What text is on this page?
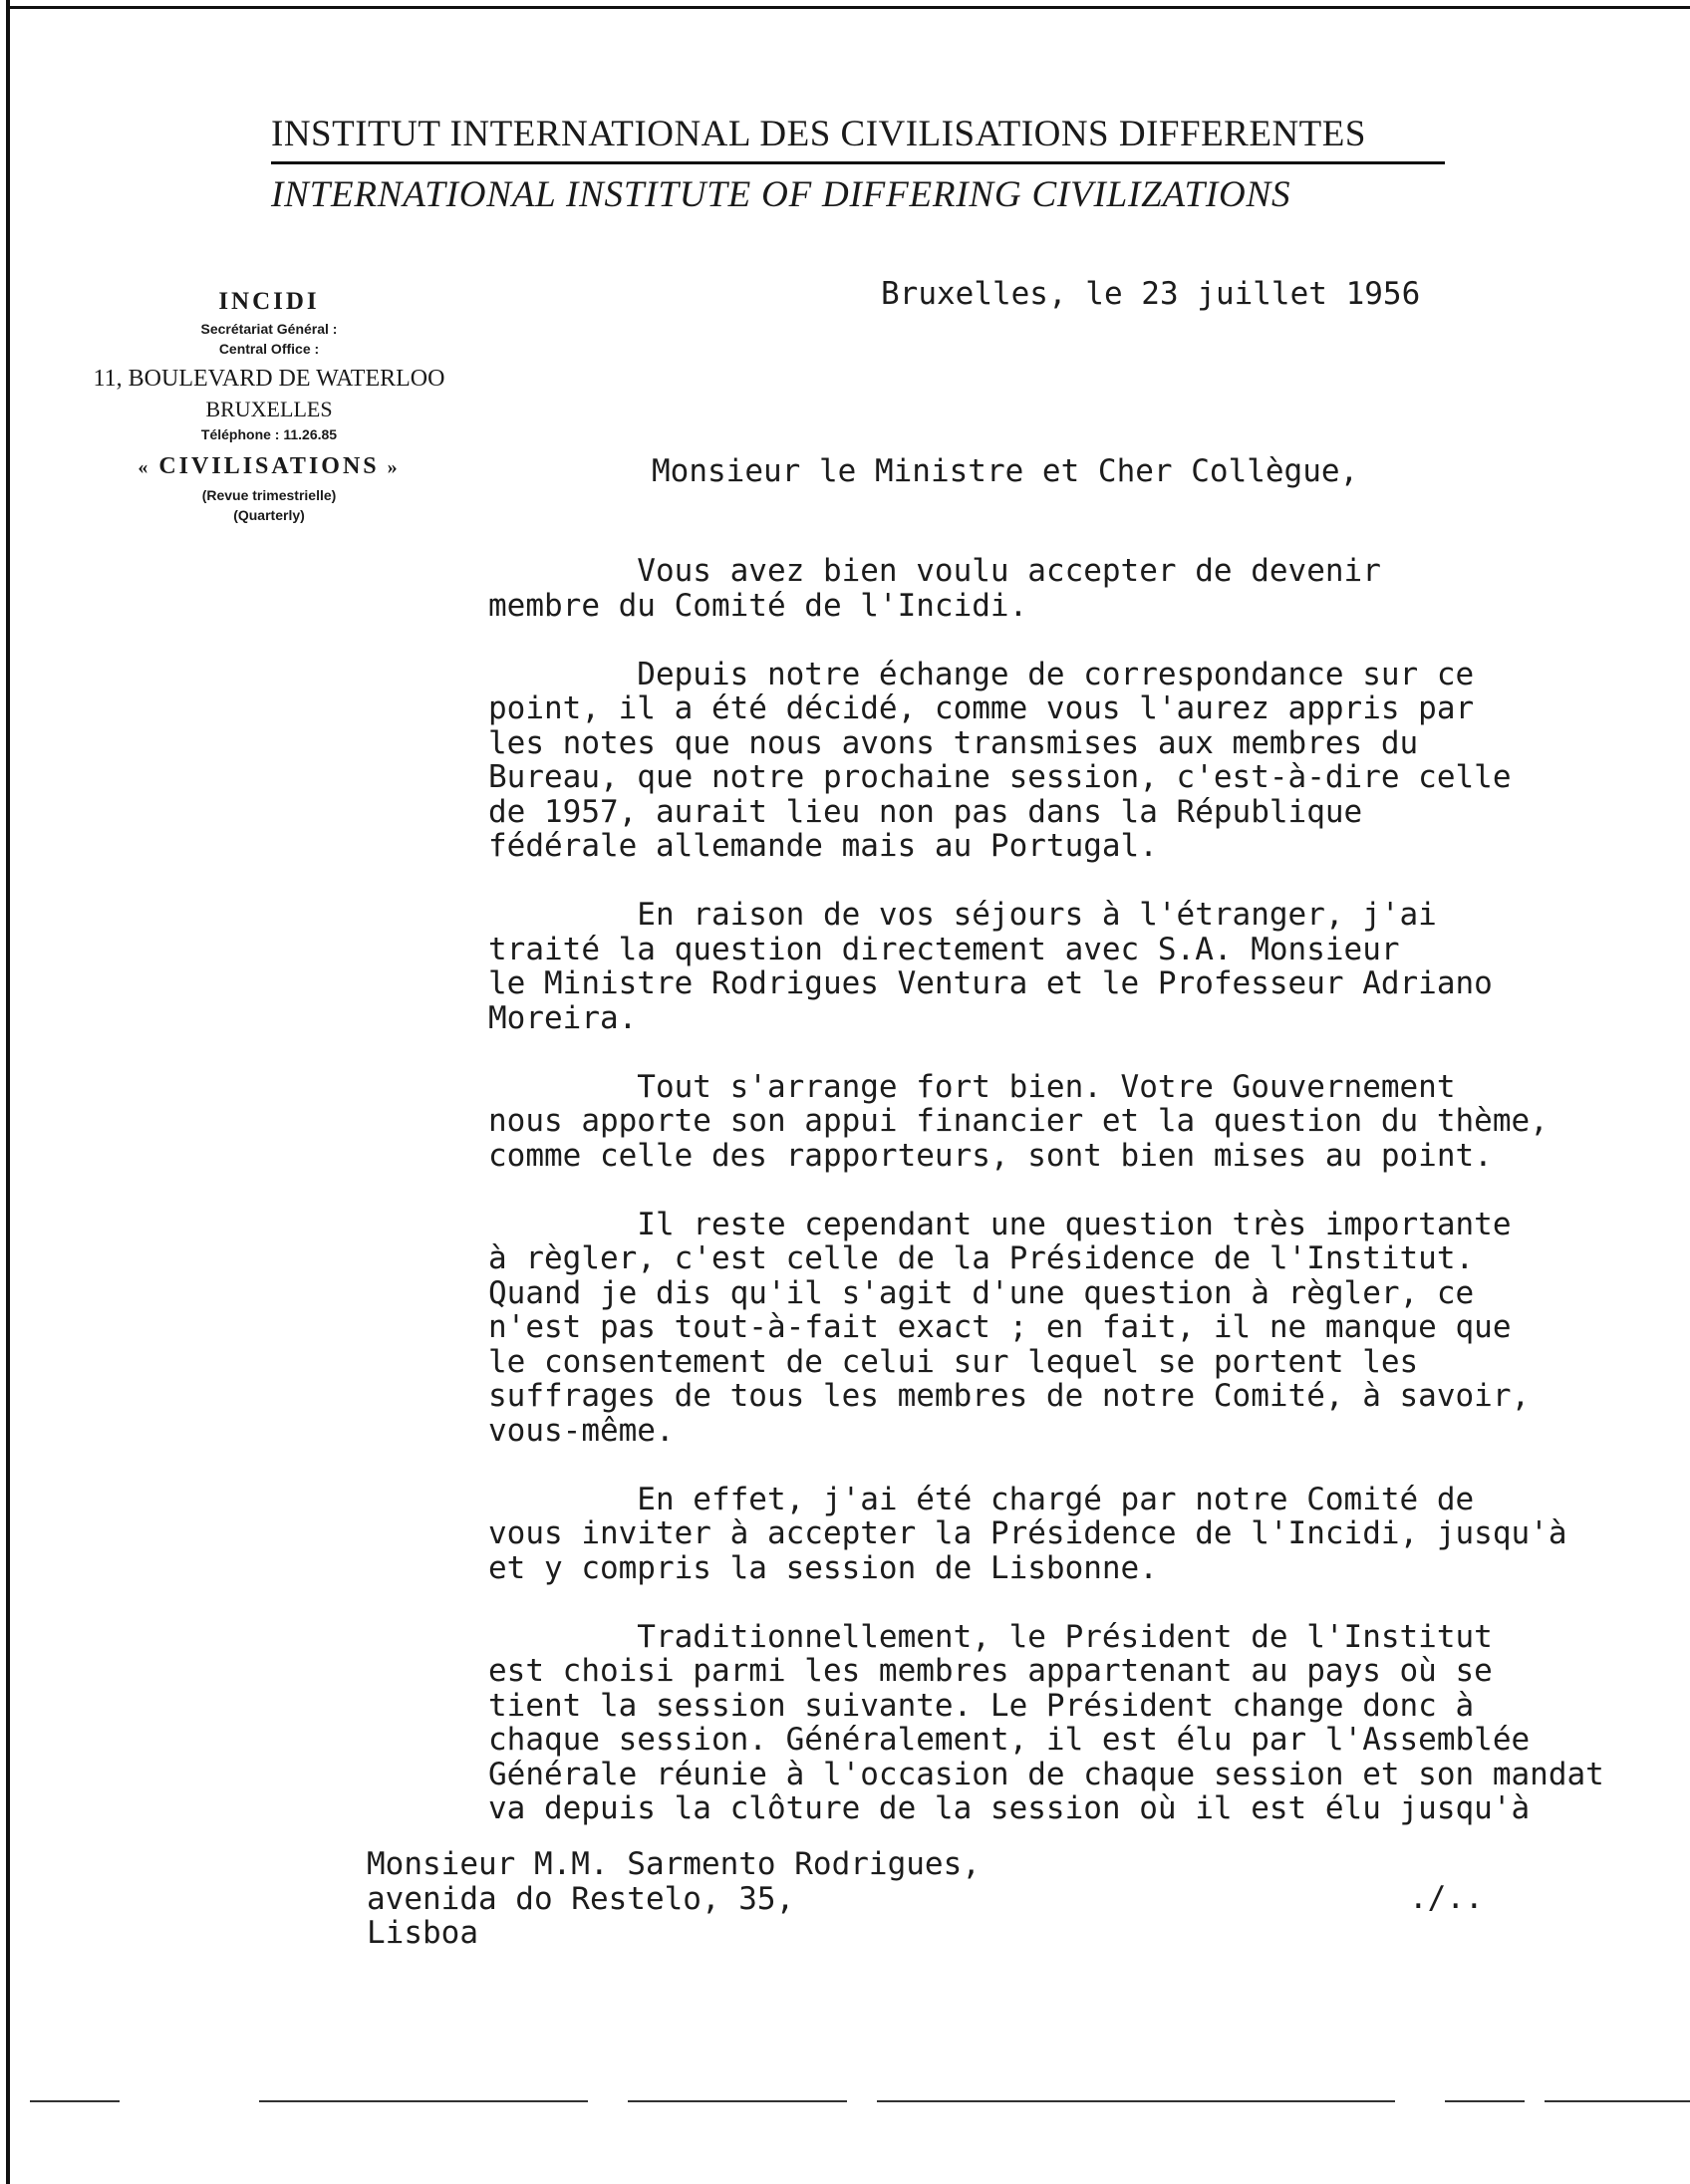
INSTITUT INTERNATIONAL DES CIVILISATIONS DIFFERENTES
INTERNATIONAL INSTITUTE OF DIFFERING CIVILIZATIONS
INCIDI
Secrétariat Général :
Central Office :
11, BOULEVARD DE WATERLOO
BRUXELLES
Téléphone : 11.26.85
« CIVILISATIONS »
(Revue trimestrielle)
(Quarterly)
Bruxelles, le 23 juillet 1956
Monsieur le Ministre et Cher Collègue,
Vous avez bien voulu accepter de devenir
membre du Comité de l'Incidi.
Depuis notre échange de correspondance sur ce
point, il a été décidé, comme vous l'aurez appris par
les notes que nous avons transmises aux membres du
Bureau, que notre prochaine session, c'est-à-dire celle
de 1957, aurait lieu non pas dans la République
fédérale allemande mais au Portugal.
En raison de vos séjours à l'étranger, j'ai
traité la question directement avec S.A. Monsieur
le Ministre Rodrigues Ventura et le Professeur Adriano
Moreira.
Tout s'arrange fort bien. Votre Gouvernement
nous apporte son appui financier et la question du thème,
comme celle des rapporteurs, sont bien mises au point.
Il reste cependant une question très importante
à règler, c'est celle de la Présidence de l'Institut.
Quand je dis qu'il s'agit d'une question à règler, ce
n'est pas tout-à-fait exact ; en fait, il ne manque que
le consentement de celui sur lequel se portent les
suffrages de tous les membres de notre Comité, à savoir,
vous-même.
En effet, j'ai été chargé par notre Comité de
vous inviter à accepter la Présidence de l'Incidi, jusqu'à
et y compris la session de Lisbonne.
Traditionnellement, le Président de l'Institut
est choisi parmi les membres appartenant au pays où se
tient la session suivante. Le Président change donc à
chaque session. Généralement, il est élu par l'Assemblée
Générale réunie à l'occasion de chaque session et son mandat
va depuis la clôture de la session où il est élu jusqu'à
Monsieur M.M. Sarmento Rodrigues,
avenida do Restelo, 35,
Lisboa
./..
